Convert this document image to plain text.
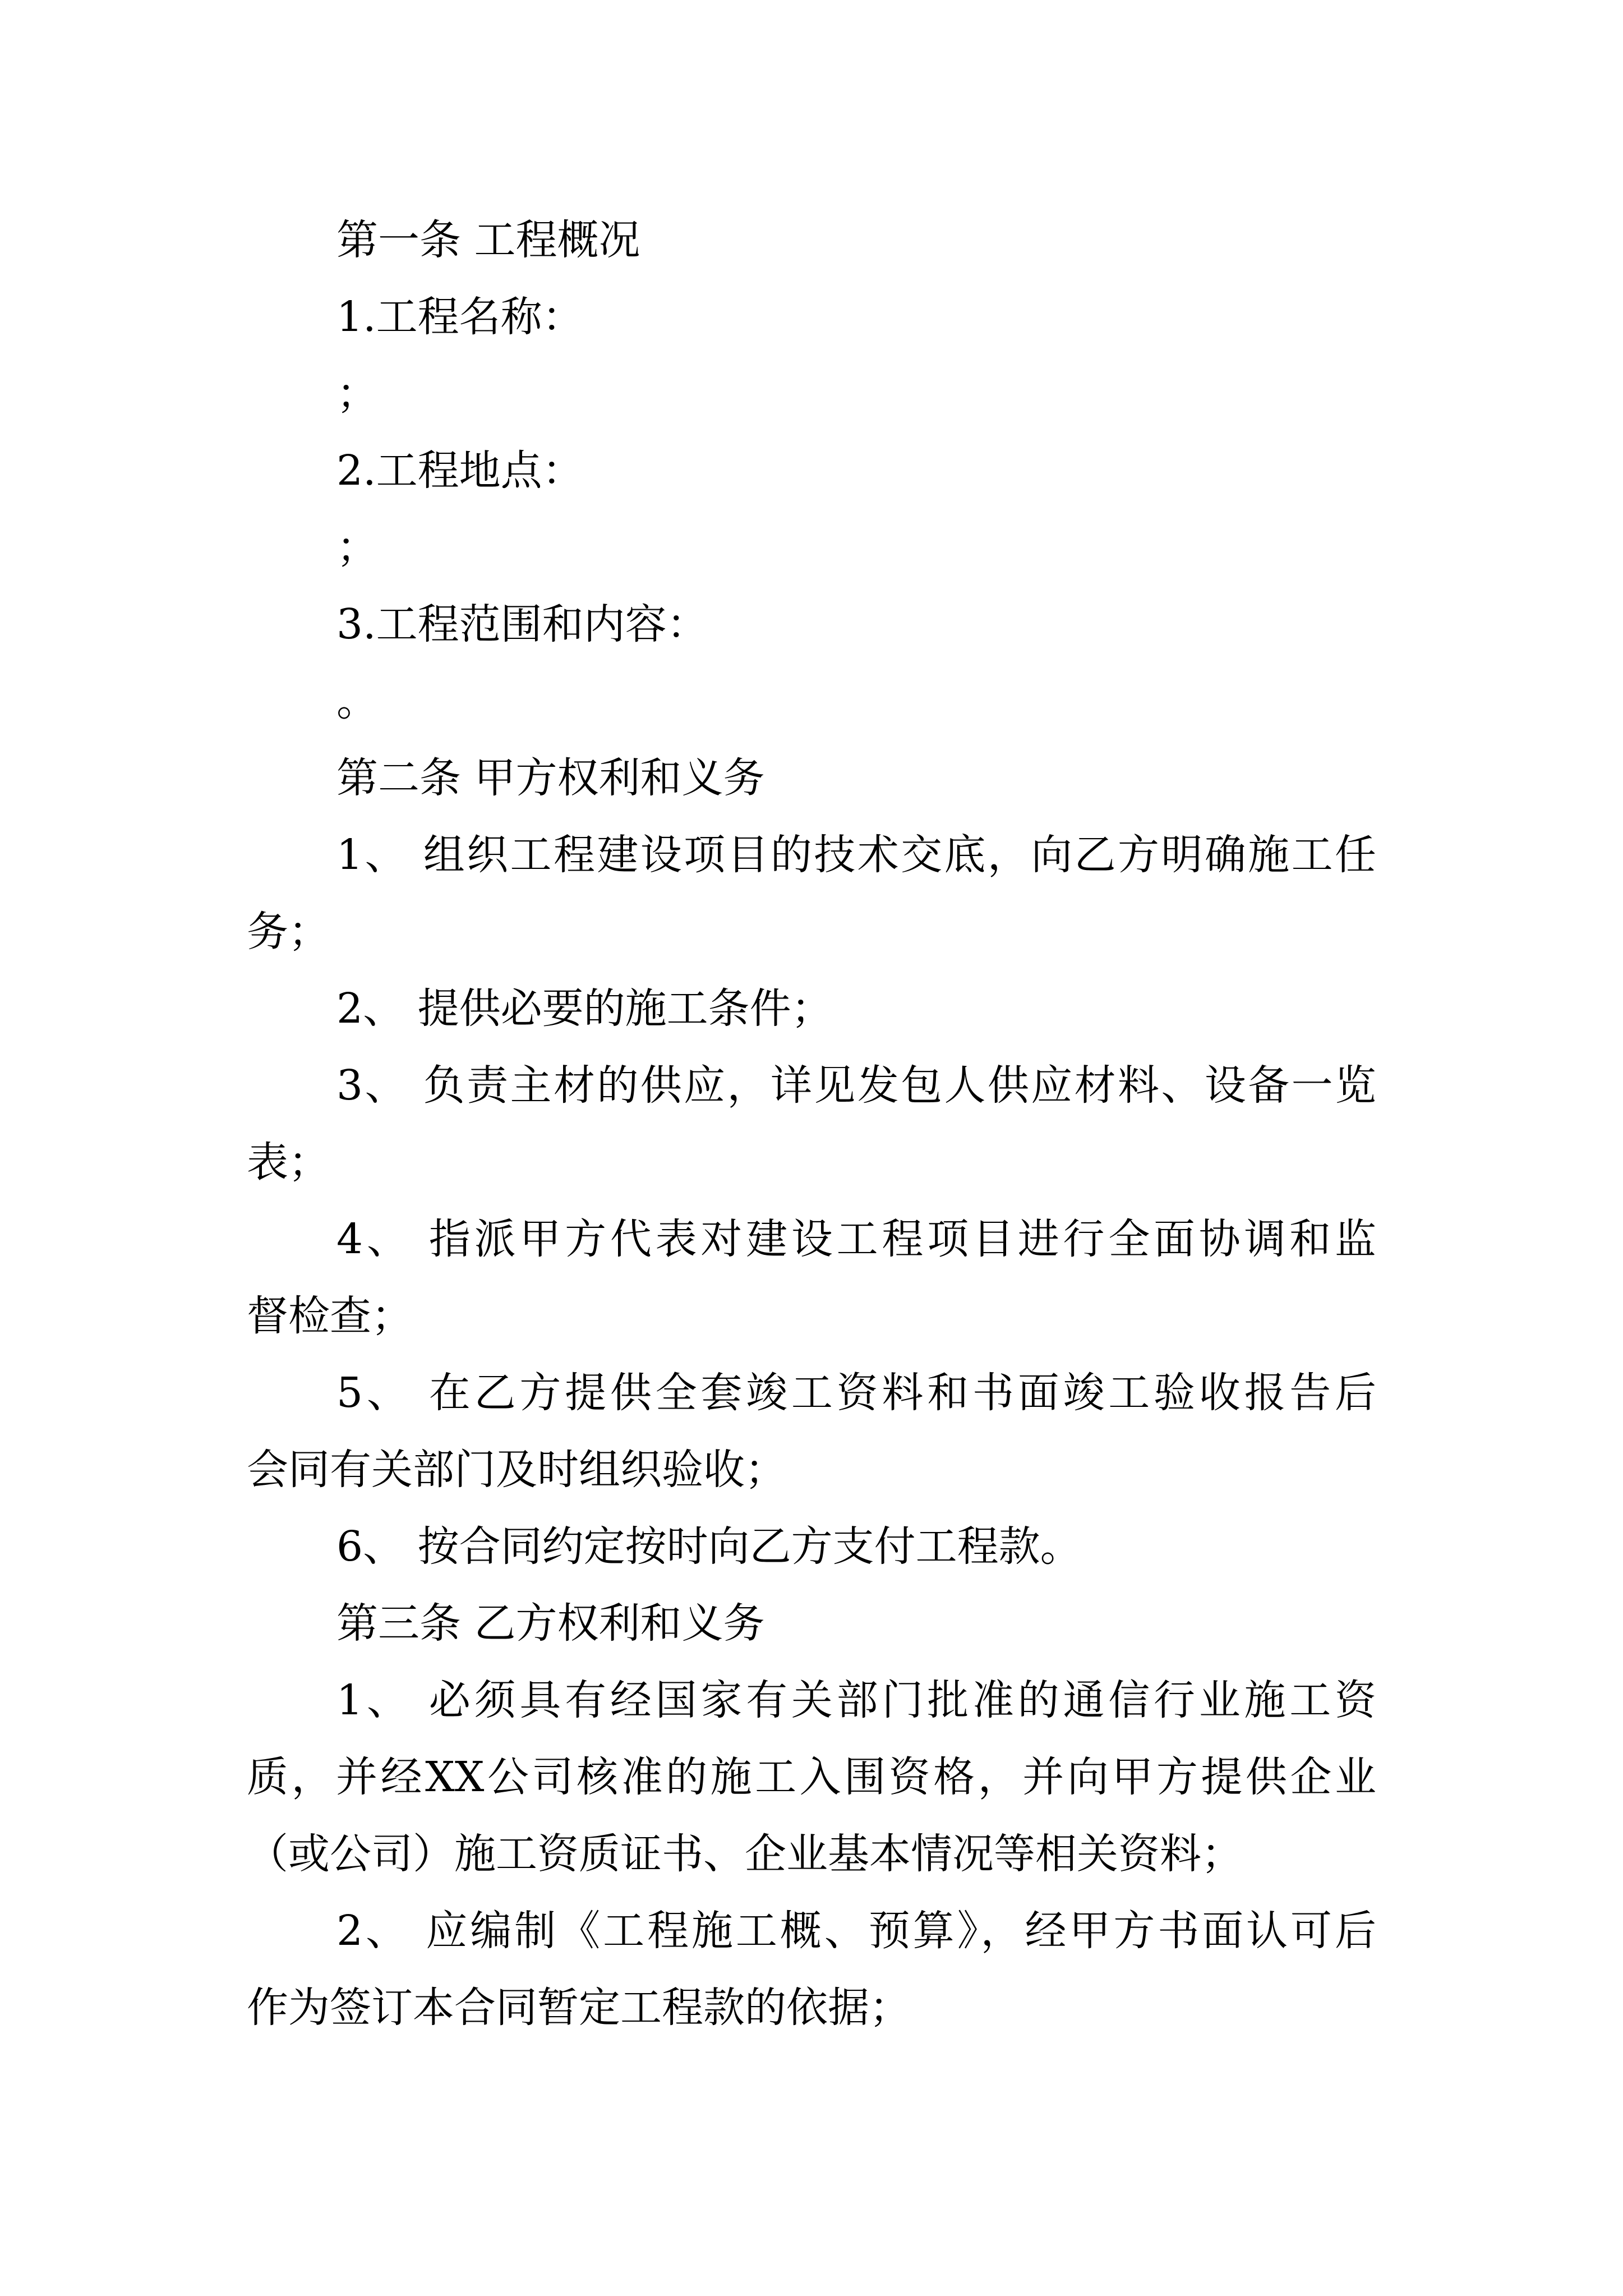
第一条 工程概况
1.工程名称：
；
2.工程地点：
；
3.工程范围和内容：
。
第二条 甲方权利和义务
1、 组织工程建设项目的技术交底，向乙方明确施工任
务；
2、 提供必要的施工条件；
3、 负责主材的供应，详见发包人供应材料、设备一览
表；
4、 指派甲方代表对建设工程项目进行全面协调和监
督检查；
5、 在乙方提供全套竣工资料和书面竣工验收报告后
会同有关部门及时组织验收；
6、 按合同约定按时向乙方支付工程款。
第三条 乙方权利和义务
1、 必须具有经国家有关部门批准的通信行业施工资
质，并经XX公司核准的施工入围资格，并向甲方提供企业
（或公司）施工资质证书、企业基本情况等相关资料；
2、 应编制《工程施工概、预算》，经甲方书面认可后
作为签订本合同暂定工程款的依据；
